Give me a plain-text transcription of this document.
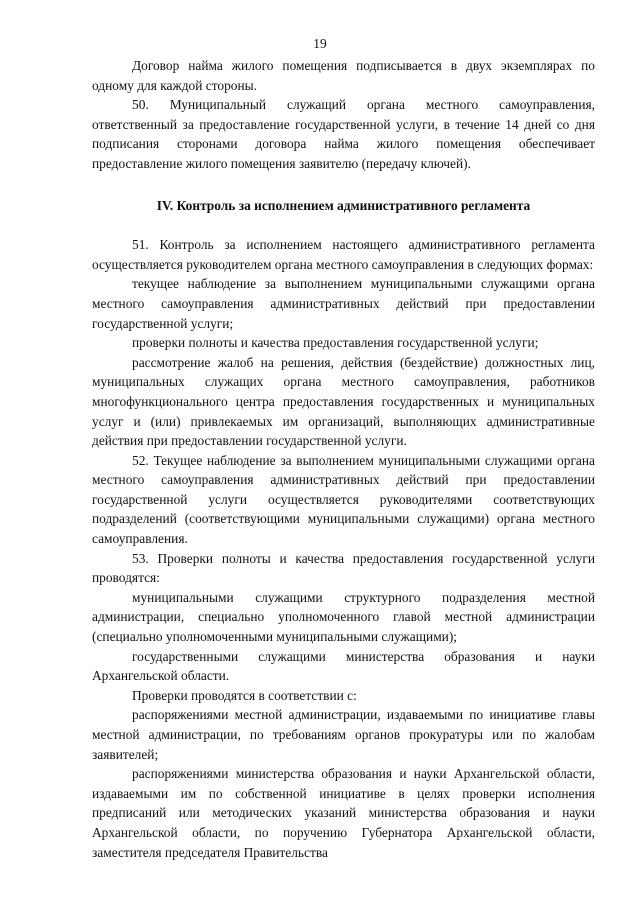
19

Договор найма жилого помещения подписывается в двух экземплярах по одному для каждой стороны.

50. Муниципальный служащий органа местного самоуправления, ответственный за предоставление государственной услуги, в течение 14 дней со дня подписания сторонами договора найма жилого помещения обеспечивает предоставление жилого помещения заявителю (передачу ключей).

IV. Контроль за исполнением административного регламента

51. Контроль за исполнением настоящего административного регламента осуществляется руководителем органа местного самоуправления в следующих формах:

текущее наблюдение за выполнением муниципальными служащими органа местного самоуправления административных действий при предоставлении государственной услуги;

проверки полноты и качества предоставления государственной услуги;

рассмотрение жалоб на решения, действия (бездействие) должностных лиц, муниципальных служащих органа местного самоуправления, работников многофункционального центра предоставления государственных и муниципальных услуг и (или) привлекаемых им организаций, выполняющих административные действия при предоставлении государственной услуги.

52. Текущее наблюдение за выполнением муниципальными служащими органа местного самоуправления административных действий при предоставлении государственной услуги осуществляется руководителями соответствующих подразделений (соответствующими муниципальными служащими) органа местного самоуправления.

53. Проверки полноты и качества предоставления государственной услуги проводятся:

муниципальными служащими структурного подразделения местной администрации, специально уполномоченного главой местной администрации (специально уполномоченными муниципальными служащими);

государственными служащими министерства образования и науки Архангельской области.

Проверки проводятся в соответствии с:

распоряжениями местной администрации, издаваемыми по инициативе главы местной администрации, по требованиям органов прокуратуры или по жалобам заявителей;

распоряжениями министерства образования и науки Архангельской области, издаваемыми им по собственной инициативе в целях проверки исполнения предписаний или методических указаний министерства образования и науки Архангельской области, по поручению Губернатора Архангельской области, заместителя председателя Правительства
